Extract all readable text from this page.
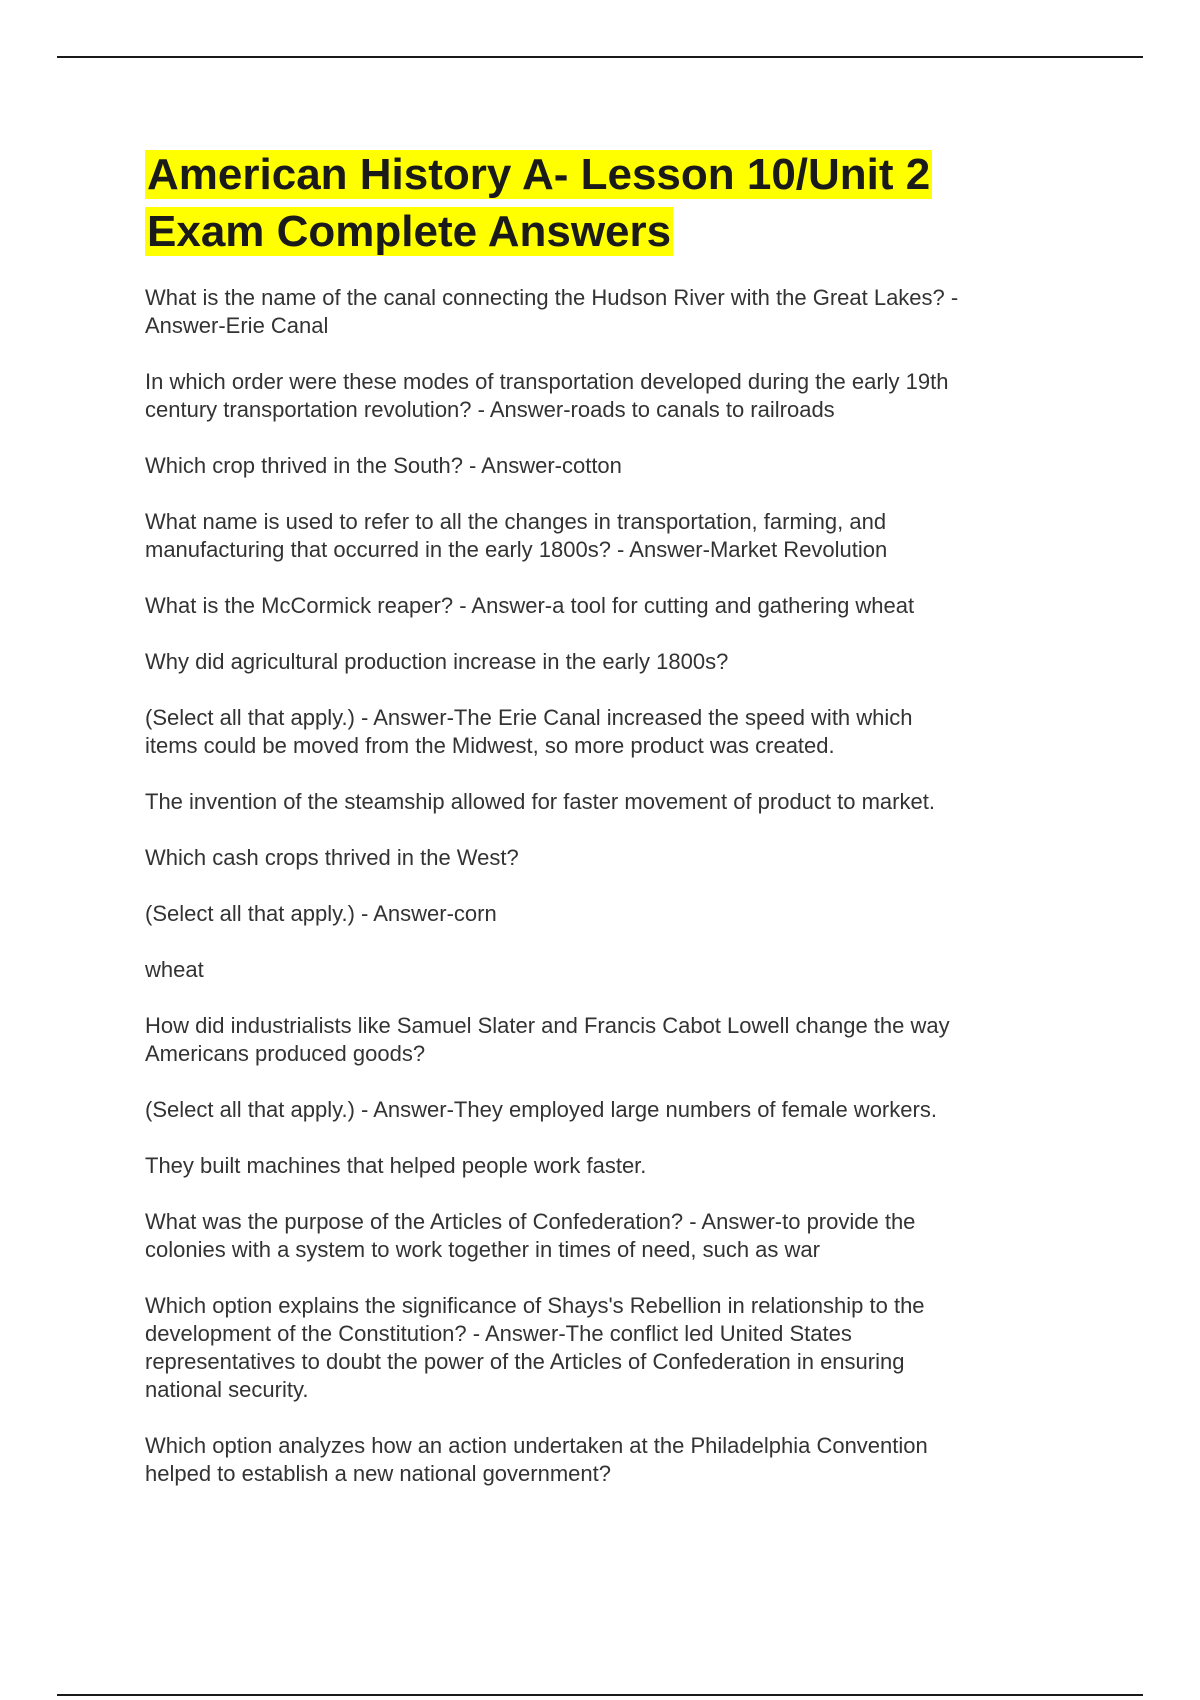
American History A- Lesson 10/Unit 2 Exam Complete Answers

What is the name of the canal connecting the Hudson River with the Great Lakes? -
Answer-Erie Canal

In which order were these modes of transportation developed during the early 19th
century transportation revolution? - Answer-roads to canals to railroads

Which crop thrived in the South? - Answer-cotton

What name is used to refer to all the changes in transportation, farming, and
manufacturing that occurred in the early 1800s? - Answer-Market Revolution

What is the McCormick reaper? - Answer-a tool for cutting and gathering wheat

Why did agricultural production increase in the early 1800s?

(Select all that apply.) - Answer-The Erie Canal increased the speed with which
items could be moved from the Midwest, so more product was created.

The invention of the steamship allowed for faster movement of product to market.

Which cash crops thrived in the West?

(Select all that apply.) - Answer-corn

wheat

How did industrialists like Samuel Slater and Francis Cabot Lowell change the way
Americans produced goods?

(Select all that apply.) - Answer-They employed large numbers of female workers.

They built machines that helped people work faster.

What was the purpose of the Articles of Confederation? - Answer-to provide the
colonies with a system to work together in times of need, such as war

Which option explains the significance of Shays's Rebellion in relationship to the
development of the Constitution? - Answer-The conflict led United States
representatives to doubt the power of the Articles of Confederation in ensuring
national security.

Which option analyzes how an action undertaken at the Philadelphia Convention
helped to establish a new national government?
